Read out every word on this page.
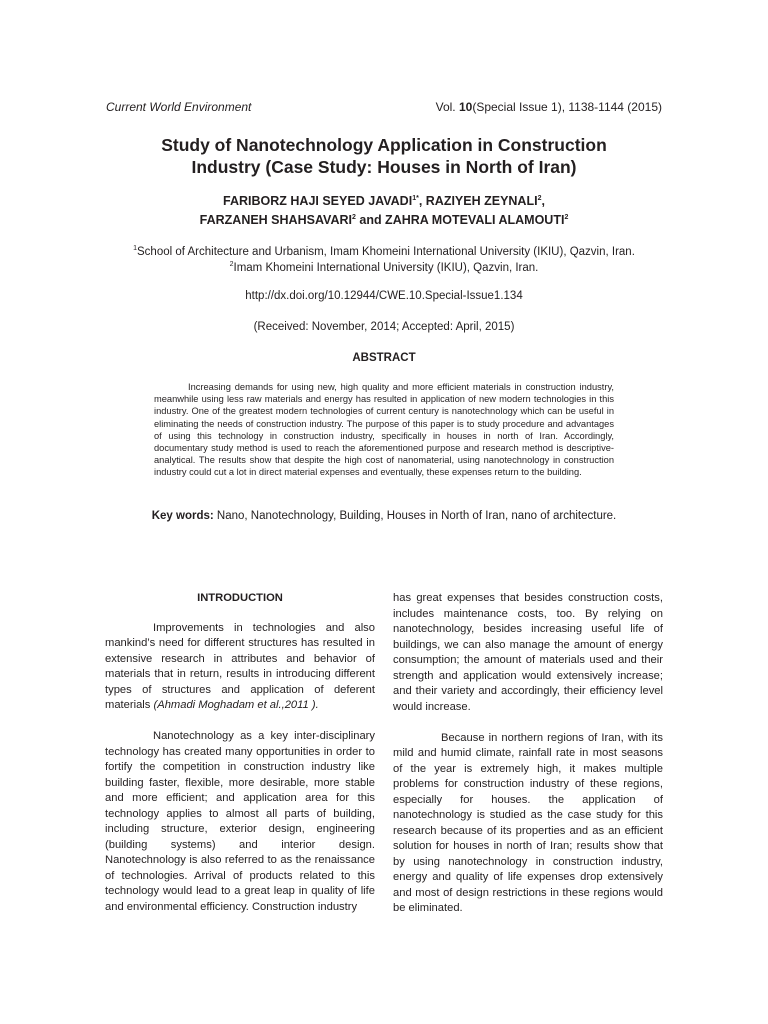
Current World Environment	Vol. 10(Special Issue 1), 1138-1144 (2015)
Study of Nanotechnology Application in Construction
Industry (Case Study: Houses in North of Iran)
FARIBORZ HAJI SEYED $JAVADI^{1*}$, RAZIYEH ZEYNALI$^2$,
FARZANEH SHAHSAVARI$^2$ and ZAHRA MOTEVALI ALAMOUTI$^2$
$^1$School of Architecture and Urbanism, Imam Khomeini International University (IKIU), Qazvin, Iran.
$^2$Imam Khomeini International University (IKIU), Qazvin, Iran.
http://dx.doi.org/10.12944/CWE.10.Special-Issue1.134
(Received: November, 2014; Accepted: April, 2015)
ABSTRACT
Increasing demands for using new, high quality and more efficient materials in construction industry, meanwhile using less raw materials and energy has resulted in application of new modern technologies in this industry. One of the greatest modern technologies of current century is nanotechnology which can be useful in eliminating the needs of construction industry. The purpose of this paper is to study procedure and advantages of using this technology in construction industry, specifically in houses in north of Iran. Accordingly, documentary study method is used to reach the aforementioned purpose and research method is descriptive-analytical. The results show that despite the high cost of nanomaterial, using nanotechnology in construction industry could cut a lot in direct material expenses and eventually, these expenses return to the building.
Key words: Nano, Nanotechnology, Building, Houses in North of Iran, nano of architecture.
INTRODUCTION

Improvements in technologies and also mankind’s need for different structures has resulted in extensive research in attributes and behavior of materials that in return, results in introducing different types of structures and application of deferent materials (Ahmadi Moghadam et al.,2011 ).

Nanotechnology as a key inter-disciplinary technology has created many opportunities in order to fortify the competition in construction industry like building faster, flexible, more desirable, more stable and more efficient; and application area for this technology applies to almost all parts of building, including structure, exterior design, engineering (building systems) and interior design. Nanotechnology is also referred to as the renaissance of technologies. Arrival of products related to this technology would lead to a great leap in quality of life and environmental efficiency. Construction industry

has great expenses that besides construction costs, includes maintenance costs, too. By relying on nanotechnology, besides increasing useful life of buildings, we can also manage the amount of energy consumption; the amount of materials used and their strength and application would extensively increase; and their variety and accordingly, their efficiency level would increase.

Because in northern regions of Iran, with its mild and humid climate, rainfall rate in most seasons of the year is extremely high, it makes multiple problems for construction industry of these regions, especially for houses. the application of nanotechnology is studied as the case study for this research because of its properties and as an efficient solution for houses in north of Iran; results show that by using nanotechnology in construction industry, energy and quality of life expenses drop extensively and most of design restrictions in these regions would be eliminated.
